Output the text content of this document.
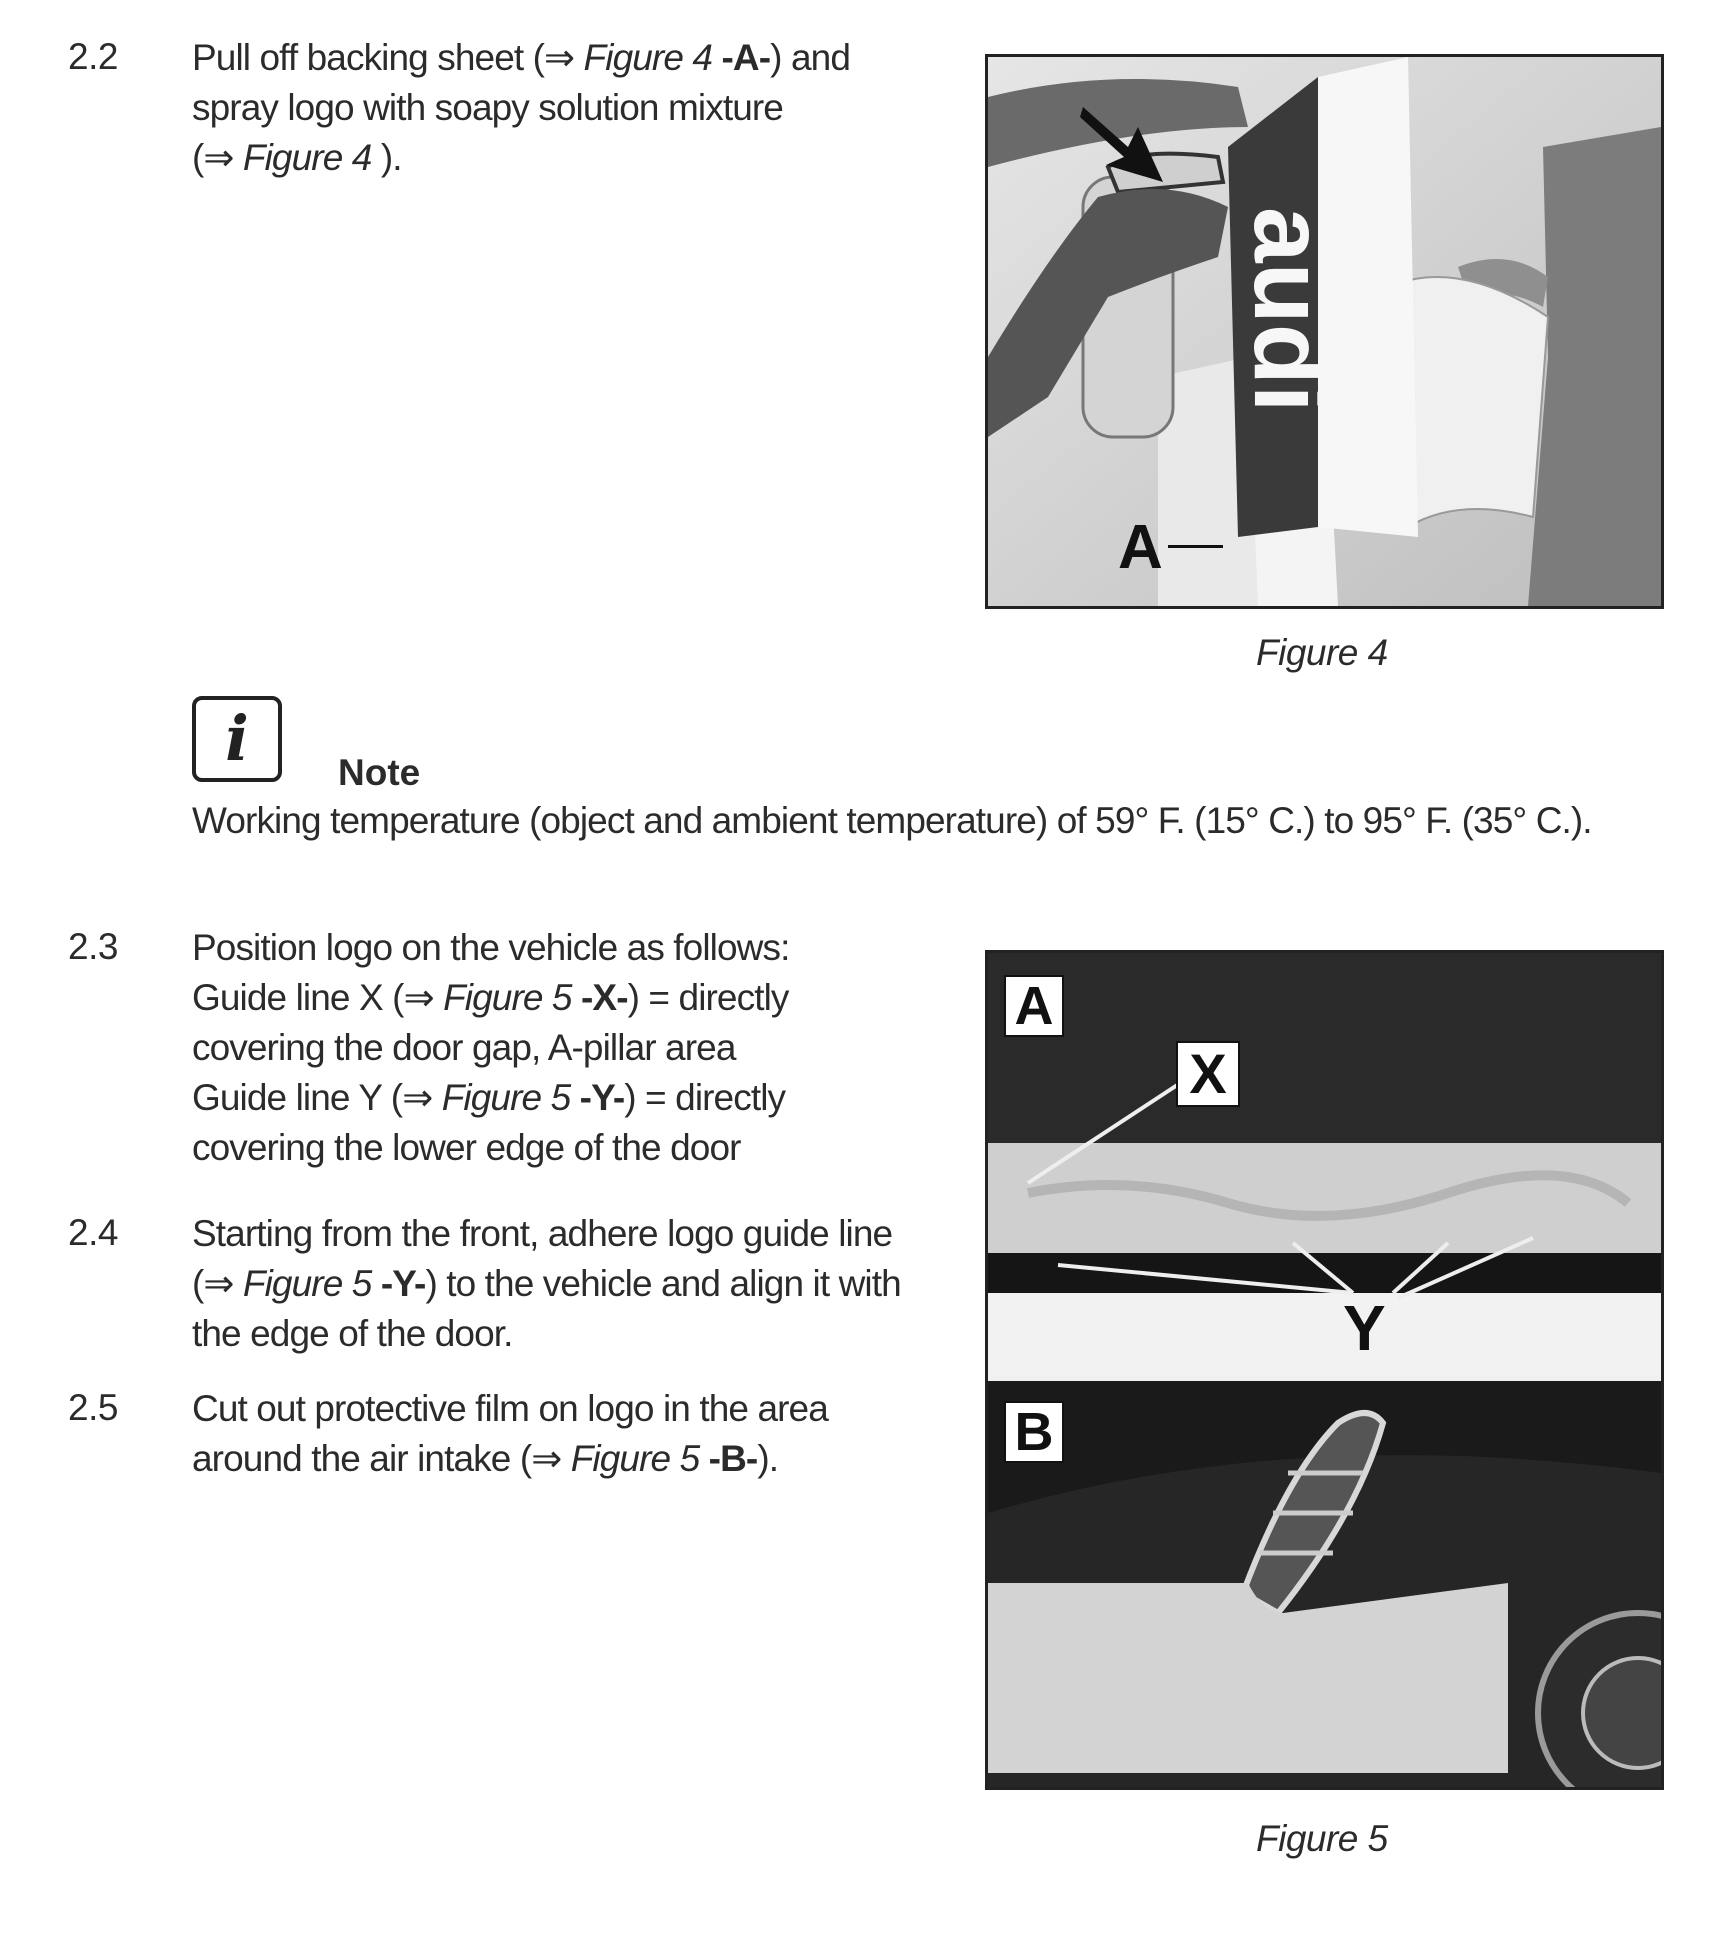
2.2 Pull off backing sheet (⇒ Figure 4 -A-) and
spray logo with soapy solution mixture
(⇒ Figure 4 ).
audi
A
Figure 4
i Note
Working temperature (object and ambient temperature) of 59° F. (15° C.) to 95° F. (35° C.).
2.3 Position logo on the vehicle as follows:
Guide line X (⇒ Figure 5 -X-) = directly
covering the door gap, A-pillar area
Guide line Y (⇒ Figure 5 -Y-) = directly
covering the lower edge of the door
2.4 Starting from the front, adhere logo guide line
(⇒ Figure 5 -Y-) to the vehicle and align it with
the edge of the door.
2.5 Cut out protective film on logo in the area
around the air intake (⇒ Figure 5 -B-).
A
X
Y
B
Figure 5
